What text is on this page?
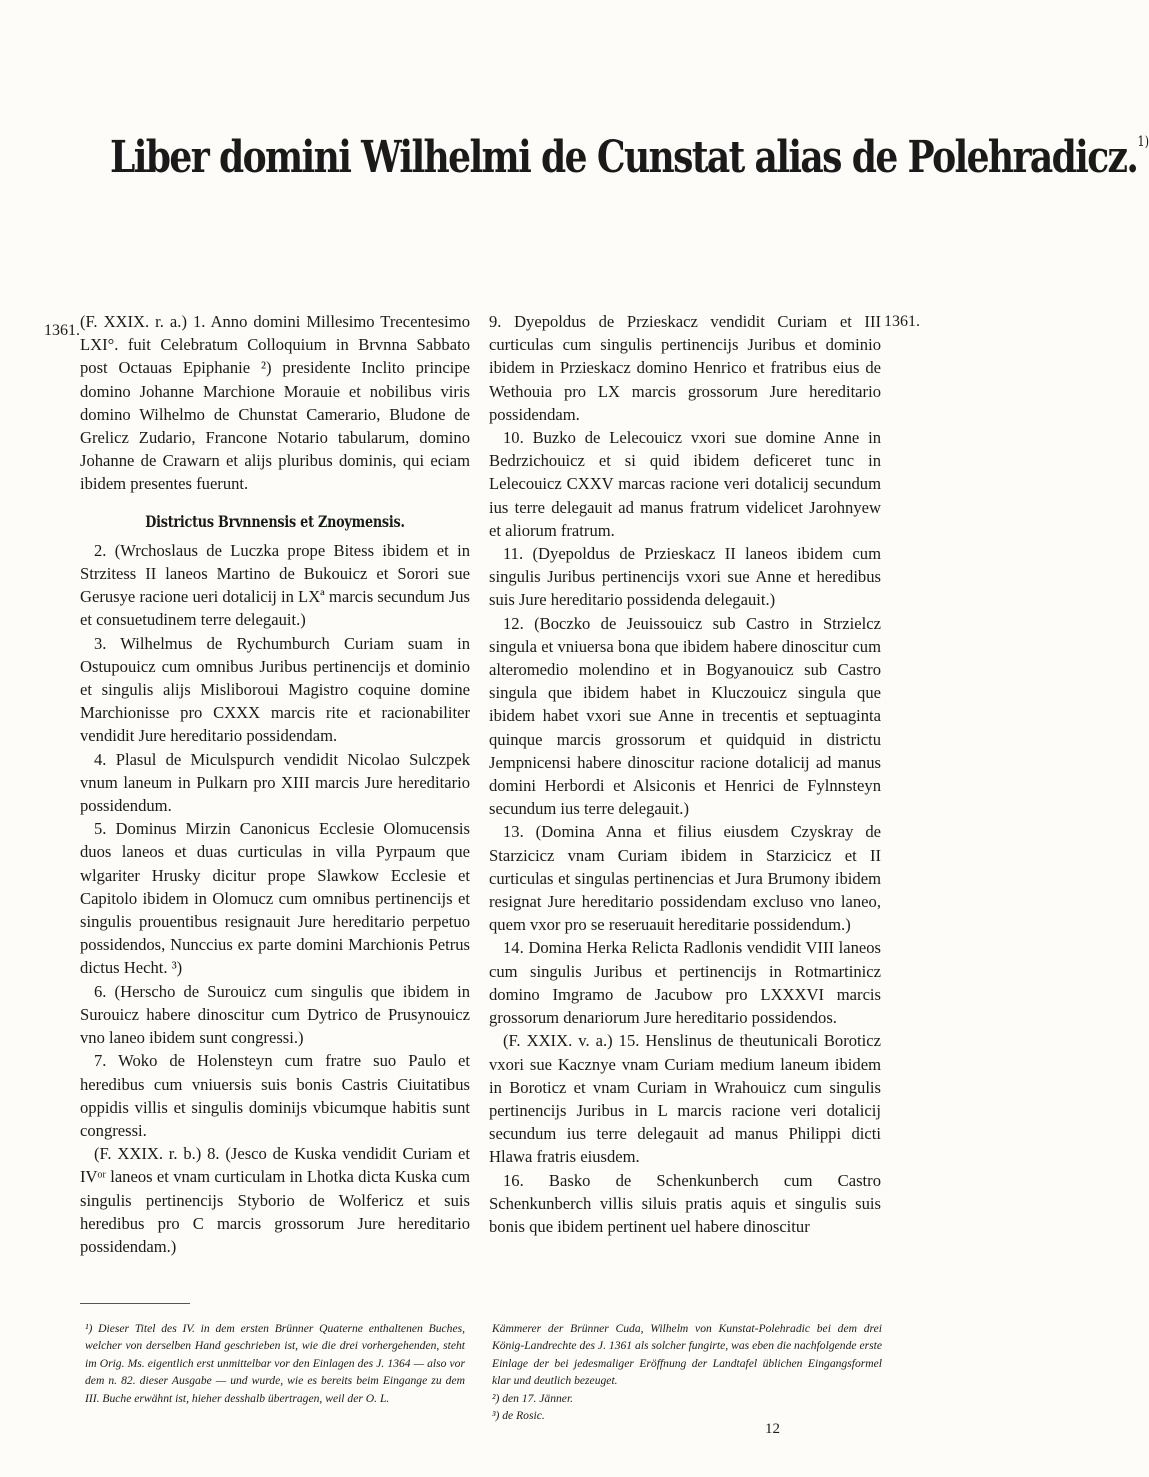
Liber domini Wilhelmi de Cunstat alias de Polehradicz.$^{1)}$
1361.
1361.

(F. XXIX. r. a.) 1. Anno domini Millesimo Trecentesimo LXI°. fuit Celebratum Colloquium in Brvnna Sabbato post Octauas Epiphanie ²) presidente Inclito principe domino Johanne Marchione Morauie et nobilibus viris domino Wilhelmo de Chunstat Camerario, Bludone de Grelicz Zudario, Francone Notario tabularum, domino Johanne de Crawarn et alijs pluribus dominis, qui eciam ibidem presentes fuerunt.

Districtus Brvnnensis et Znoymensis.

2. (Wrchoslaus de Luczka prope Bitess ibidem et in Strzitess II laneos Martino de Bukouicz et Sorori sue Gerusye racione ueri dotalicij in LXª marcis secundum Jus et consuetudinem terre delegauit.)

3. Wilhelmus de Rychumburch Curiam suam in Ostupouicz cum omnibus Juribus pertinencijs et dominio et singulis alijs Misliboroui Magistro coquine domine Marchionisse pro CXXX marcis rite et racionabiliter vendidit Jure hereditario possidendam.

4. Plasul de Miculspurch vendidit Nicolao Sulczpek vnum laneum in Pulkarn pro XIII marcis Jure hereditario possidendum.

5. Dominus Mirzin Canonicus Ecclesie Olomucensis duos laneos et duas curticulas in villa Pyrpaum que wlgariter Hrusky dicitur prope Slawkow Ecclesie et Capitolo ibidem in Olomucz cum omnibus pertinencijs et singulis prouentibus resignauit Jure hereditario perpetuo possidendos, Nunccius ex parte domini Marchionis Petrus dictus Hecht. ³)

6. (Herscho de Surouicz cum singulis que ibidem in Surouicz habere dinoscitur cum Dytrico de Prusynouicz vno laneo ibidem sunt congressi.)

7. Woko de Holensteyn cum fratre suo Paulo et heredibus cum vniuersis suis bonis Castris Ciuitatibus oppidis villis et singulis dominijs vbicumque habitis sunt congressi.

(F. XXIX. r. b.) 8. (Jesco de Kuska vendidit Curiam et IVᵒʳ laneos et vnam curticulam in Lhotka dicta Kuska cum singulis pertinencijs Styborio de Wolfericz et suis heredibus pro C marcis grossorum Jure hereditario possidendam.)

9. Dyepoldus de Przieskacz vendidit Curiam et III curticulas cum singulis pertinencijs Juribus et dominio ibidem in Przieskacz domino Henrico et fratribus eius de Wethouia pro LX marcis grossorum Jure hereditario possidendam.

10. Buzko de Lelecouicz vxori sue domine Anne in Bedrzichouicz et si quid ibidem deficeret tunc in Lelecouicz CXXV marcas racione veri dotalicij secundum ius terre delegauit ad manus fratrum videlicet Jarohnyew et aliorum fratrum.

11. (Dyepoldus de Przieskacz II laneos ibidem cum singulis Juribus pertinencijs vxori sue Anne et heredibus suis Jure hereditario possidenda delegauit.)

12. (Boczko de Jeuissouicz sub Castro in Strzielcz singula et vniuersa bona que ibidem habere dinoscitur cum alteromedio molendino et in Bogyanouicz sub Castro singula que ibidem habet in Kluczouicz singula que ibidem habet vxori sue Anne in trecentis et septuaginta quinque marcis grossorum et quidquid in districtu Jempnicensi habere dinoscitur racione dotalicij ad manus domini Herbordi et Alsiconis et Henrici de Fylnnsteyn secundum ius terre delegauit.)

13. (Domina Anna et filius eiusdem Czyskray de Starzicicz vnam Curiam ibidem in Starzicicz et II curticulas et singulas pertinencias et Jura Brumony ibidem resignat Jure hereditario possidendam excluso vno laneo, quem vxor pro se reseruauit hereditarie possidendum.)

14. Domina Herka Relicta Radlonis vendidit VIII laneos cum singulis Juribus et pertinencijs in Rotmartinicz domino Imgramo de Jacubow pro LXXXVI marcis grossorum denariorum Jure hereditario possidendos.

(F. XXIX. v. a.) 15. Henslinus de theutunicali Boroticz vxori sue Kacznye vnam Curiam medium laneum ibidem in Boroticz et vnam Curiam in Wrahouicz cum singulis pertinencijs Juribus in L marcis racione veri dotalicij secundum ius terre delegauit ad manus Philippi dicti Hlawa fratris eiusdem.

16. Basko de Schenkunberch cum Castro Schenkunberch villis siluis pratis aquis et singulis suis bonis que ibidem pertinent uel habere dinoscitur

¹) Dieser Titel des IV. in dem ersten Brünner Quaterne enthaltenen Buches, welcher von derselben Hand geschrieben ist, wie die drei vorhergehenden, steht im Orig. Ms. eigentlich erst unmittelbar vor den Einlagen des J. 1364 — also vor dem n. 82. dieser Ausgabe — und wurde, wie es bereits beim Eingange zu dem III. Buche erwähnt ist, hieher desshalb übertragen, weil der O. L.

Kämmerer der Brünner Cuda, Wilhelm von Kunstat-Polehradic bei dem drei König-Landrechte des J. 1361 als solcher fungirte, was eben die nachfolgende erste Einlage der bei jedesmaliger Eröffnung der Landtafel üblichen Eingangsformel klar und deutlich bezeuget.

²) den 17. Jänner.

³) de Rosic.

12
